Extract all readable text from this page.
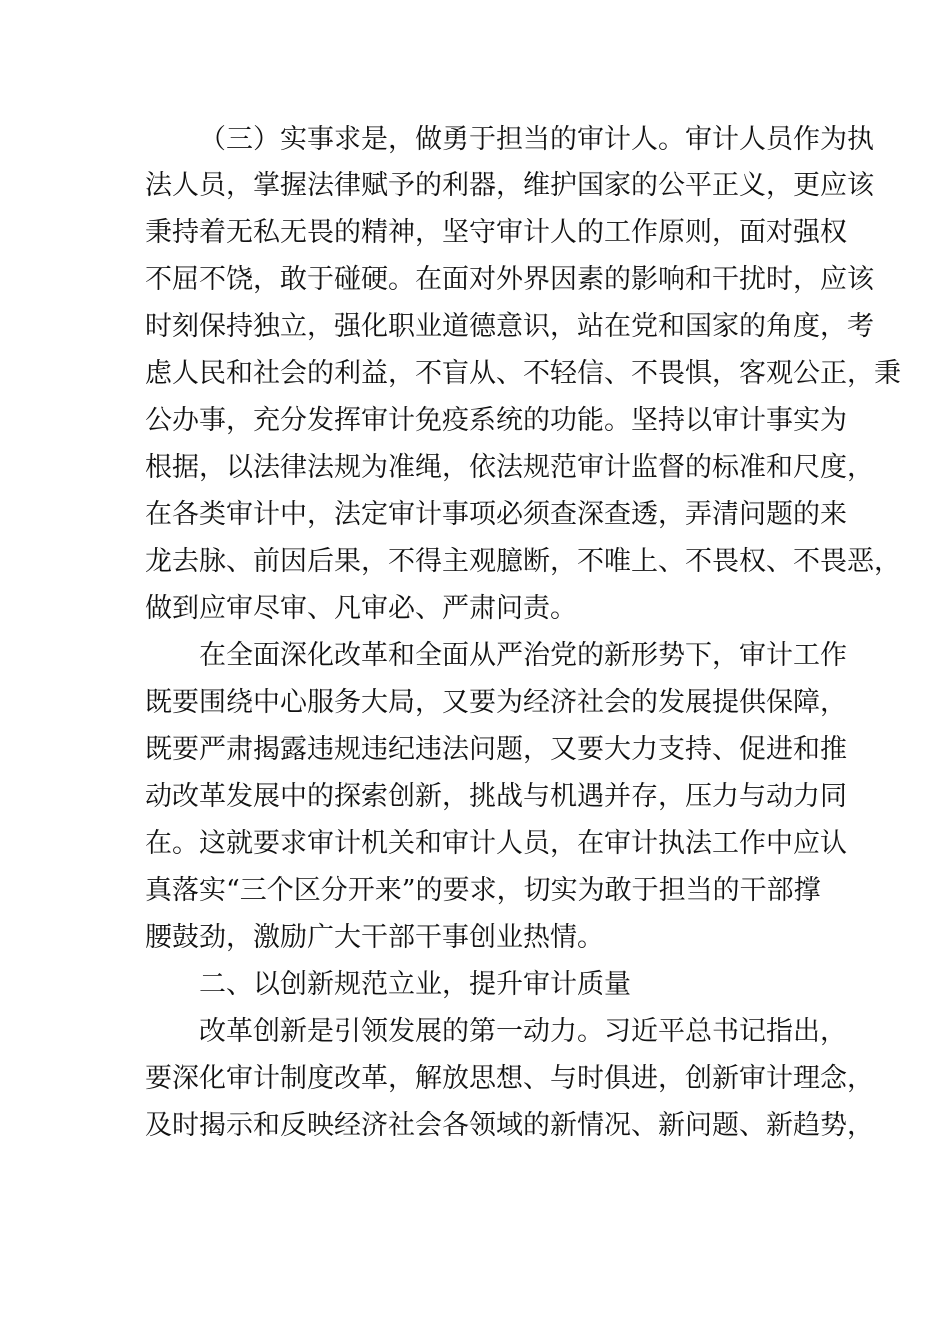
（三）实事求是，做勇于担当的审计人。审计人员作为执
法人员，掌握法律赋予的利器，维护国家的公平正义，更应该
秉持着无私无畏的精神，坚守审计人的工作原则，面对强权
不屈不饶，敢于碰硬。在面对外界因素的影响和干扰时，应该
时刻保持独立，强化职业道德意识，站在党和国家的角度，考
虑人民和社会的利益，不盲从、不轻信、不畏惧，客观公正，秉
公办事，充分发挥审计免疫系统的功能。坚持以审计事实为
根据，以法律法规为准绳，依法规范审计监督的标准和尺度，
在各类审计中，法定审计事项必须查深查透，弄清问题的来
龙去脉、前因后果，不得主观臆断，不唯上、不畏权、不畏恶，
做到应审尽审、凡审必、严肃问责。
在全面深化改革和全面从严治党的新形势下，审计工作
既要围绕中心服务大局，又要为经济社会的发展提供保障，
既要严肃揭露违规违纪违法问题，又要大力支持、促进和推
动改革发展中的探索创新，挑战与机遇并存，压力与动力同
在。这就要求审计机关和审计人员，在审计执法工作中应认
真落实“三个区分开来”的要求，切实为敢于担当的干部撑
腰鼓劲，激励广大干部干事创业热情。
二、以创新规范立业，提升审计质量
改革创新是引领发展的第一动力。习近平总书记指出，
要深化审计制度改革，解放思想、与时俱进，创新审计理念，
及时揭示和反映经济社会各领域的新情况、新问题、新趋势，
